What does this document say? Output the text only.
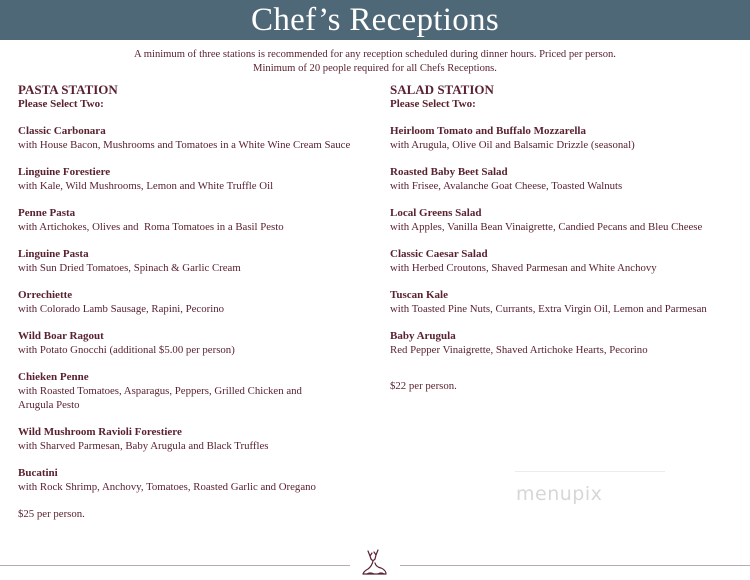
Chef’s Receptions
A minimum of three stations is recommended for any reception scheduled during dinner hours. Priced per person.
Minimum of 20 people required for all Chefs Receptions.
PASTA STATION
Please Select Two:
Classic Carbonara
with House Bacon, Mushrooms and Tomatoes in a White Wine Cream Sauce
Linguine Forestiere
with Kale, Wild Mushrooms, Lemon and White Truffle Oil
Penne Pasta
with Artichokes, Olives and  Roma Tomatoes in a Basil Pesto
Linguine Pasta
with Sun Dried Tomatoes, Spinach & Garlic Cream
Orrechiette
with Colorado Lamb Sausage, Rapini, Pecorino
Wild Boar Ragout
with Potato Gnocchi (additional $5.00 per person)
Chieken Penne
with Roasted Tomatoes, Asparagus, Peppers, Grilled Chicken and Arugula Pesto
Wild Mushroom Ravioli Forestiere
with Sharved Parmesan, Baby Arugula and Black Truffles
Bucatini
with Rock Shrimp, Anchovy, Tomatoes, Roasted Garlic and Oregano
$25 per person.
SALAD STATION
Please Select Two:
Heirloom Tomato and Buffalo Mozzarella
with Arugula, Olive Oil and Balsamic Drizzle (seasonal)
Roasted Baby Beet Salad
with Frisee, Avalanche Goat Cheese, Toasted Walnuts
Local Greens Salad
with Apples, Vanilla Bean Vinaigrette, Candied Pecans and Bleu Cheese
Classic Caesar Salad
with Herbed Croutons, Shaved Parmesan and White Anchovy
Tuscan Kale
with Toasted Pine Nuts, Currants, Extra Virgin Oil, Lemon and Parmesan
Baby Arugula
Red Pepper Vinaigrette, Shaved Artichoke Hearts, Pecorino
$22 per person.
menupix
